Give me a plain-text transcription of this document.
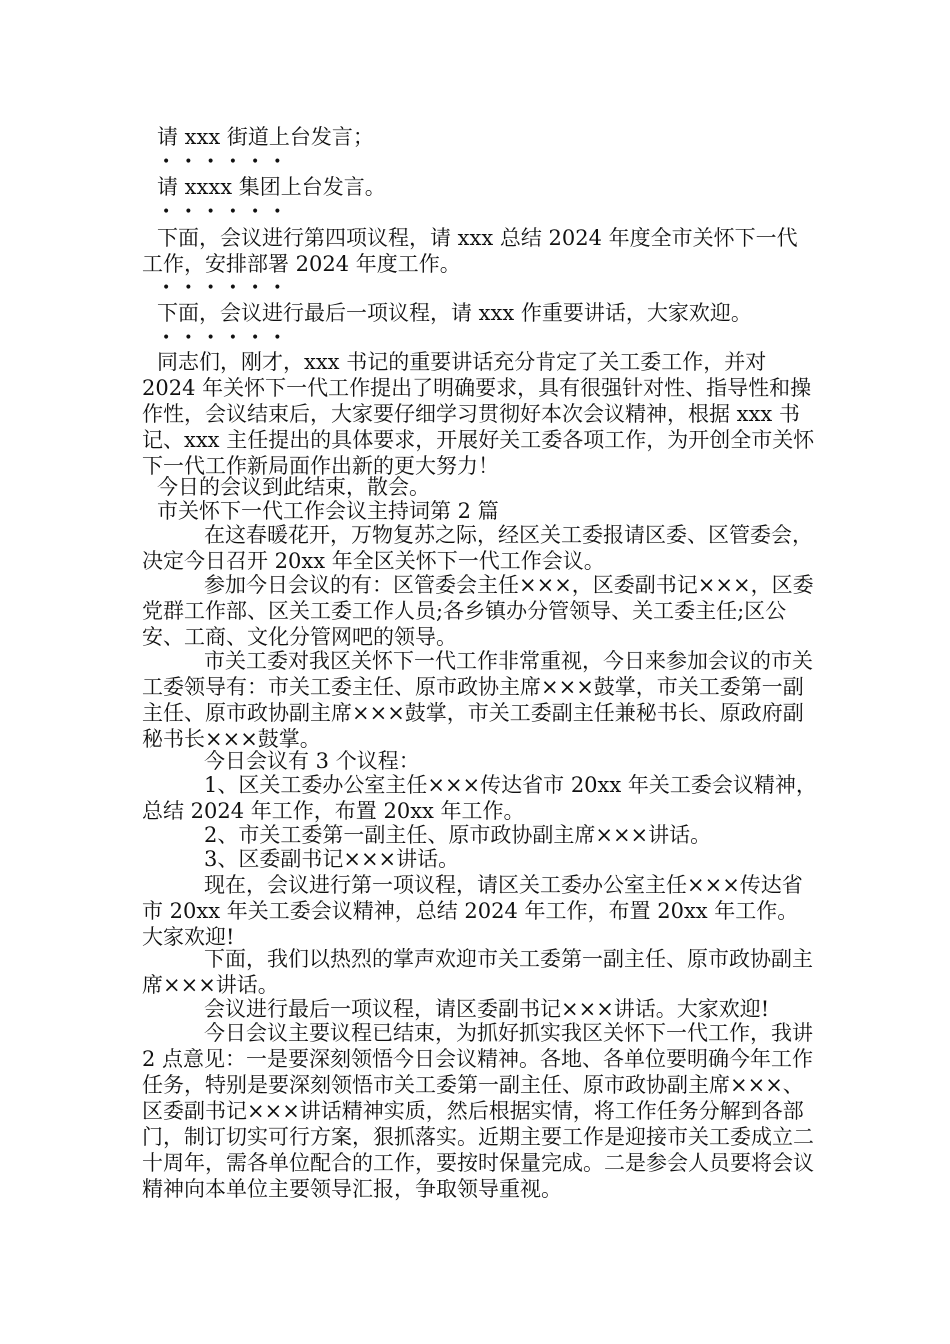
请 xxx 街道上台发言；

••••••

请 xxxx 集团上台发言。

••••••

下面，会议进行第四项议程，请 xxx 总结 2024 年度全市关怀下一代工作，安排部署 2024 年度工作。

••••••

下面，会议进行最后一项议程，请 xxx 作重要讲话，大家欢迎。

••••••

同志们，刚才，xxx 书记的重要讲话充分肯定了关工委工作，并对 2024 年关怀下一代工作提出了明确要求，具有很强针对性、指导性和操作性，会议结束后，大家要仔细学习贯彻好本次会议精神，根据 xxx 书记、xxx 主任提出的具体要求，开展好关工委各项工作，为开创全市关怀下一代工作新局面作出新的更大努力！

今日的会议到此结束，散会。

市关怀下一代工作会议主持词第 2 篇

在这春暖花开，万物复苏之际，经区关工委报请区委、区管委会，决定今日召开 20xx 年全区关怀下一代工作会议。

参加今日会议的有：区管委会主任×××，区委副书记×××，区委党群工作部、区关工委工作人员;各乡镇办分管领导、关工委主任;区公安、工商、文化分管网吧的领导。

市关工委对我区关怀下一代工作非常重视，今日来参加会议的市关工委领导有：市关工委主任、原市政协主席×××鼓掌，市关工委第一副主任、原市政协副主席×××鼓掌，市关工委副主任兼秘书长、原政府副秘书长×××鼓掌。

今日会议有 3 个议程：

1、区关工委办公室主任×××传达省市 20xx 年关工委会议精神，总结 2024 年工作，布置 20xx 年工作。

2、市关工委第一副主任、原市政协副主席×××讲话。

3、区委副书记×××讲话。

现在，会议进行第一项议程，请区关工委办公室主任×××传达省市 20xx 年关工委会议精神，总结 2024 年工作，布置 20xx 年工作。大家欢迎!

下面，我们以热烈的掌声欢迎市关工委第一副主任、原市政协副主席×××讲话。

会议进行最后一项议程，请区委副书记×××讲话。大家欢迎!

今日会议主要议程已结束，为抓好抓实我区关怀下一代工作，我讲 2 点意见：一是要深刻领悟今日会议精神。各地、各单位要明确今年工作任务，特别是要深刻领悟市关工委第一副主任、原市政协副主席×××、区委副书记×××讲话精神实质，然后根据实情，将工作任务分解到各部门，制订切实可行方案，狠抓落实。近期主要工作是迎接市关工委成立二十周年，需各单位配合的工作，要按时保量完成。二是参会人员要将会议精神向本单位主要领导汇报，争取领导重视。
